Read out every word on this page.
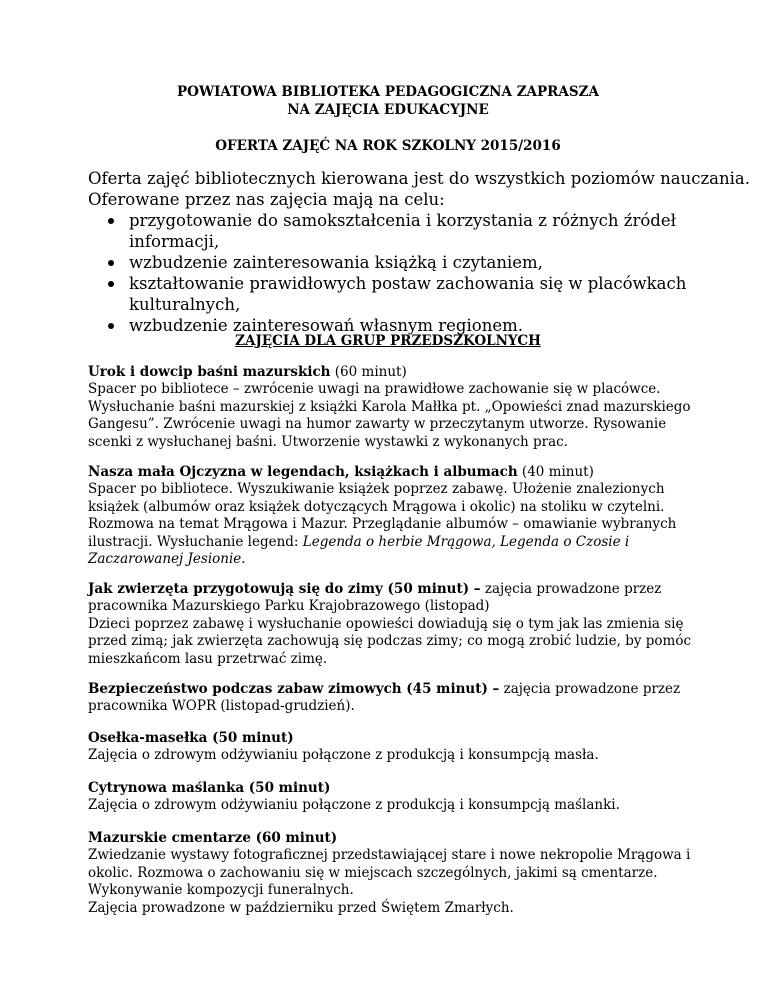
POWIATOWA BIBLIOTEKA PEDAGOGICZNA ZAPRASZA

NA ZAJĘCIA EDUKACYJNE

OFERTA ZAJĘĆ NA ROK SZKOLNY 2015/2016

Oferta zajęć bibliotecznych kierowana jest do wszystkich poziomów nauczania.

Oferowane przez nas zajęcia mają na celu:

przygotowanie do samokształcenia i korzystania z różnych źródeł
informacji,
wzbudzenie zainteresowania książką i czytaniem,
kształtowanie prawidłowych postaw zachowania się w placówkach
kulturalnych,
wzbudzenie zainteresowań własnym regionem.

ZAJĘCIA DLA GRUP PRZEDSZKOLNYCH

Urok i dowcip baśni mazurskich (60 minut)
Spacer po bibliotece – zwrócenie uwagi na prawidłowe zachowanie się w placówce.
Wysłuchanie baśni mazurskiej z książki Karola Małłka pt. „Opowieści znad mazurskiego
Gangesu”. Zwrócenie uwagi na humor zawarty w przeczytanym utworze. Rysowanie
scenki z wysłuchanej baśni. Utworzenie wystawki z wykonanych prac.
Nasza mała Ojczyzna w legendach, książkach i albumach (40 minut)
Spacer po bibliotece. Wyszukiwanie książek poprzez zabawę. Ułożenie znalezionych
książek (albumów oraz książek dotyczących Mrągowa i okolic) na stoliku w czytelni.
Rozmowa na temat Mrągowa i Mazur. Przeglądanie albumów – omawianie wybranych
ilustracji. Wysłuchanie legend: Legenda o herbie Mrągowa, Legenda o Czosie i
Zaczarowanej Jesionie.
Jak zwierzęta przygotowują się do zimy (50 minut) – zajęcia prowadzone przez
pracownika Mazurskiego Parku Krajobrazowego (listopad)
Dzieci poprzez zabawę i wysłuchanie opowieści dowiadują się o tym jak las zmienia się
przed zimą; jak zwierzęta zachowują się podczas zimy; co mogą zrobić ludzie, by pomóc
mieszkańcom lasu przetrwać zimę.
Bezpieczeństwo podczas zabaw zimowych (45 minut) – zajęcia prowadzone przez
pracownika WOPR (listopad-grudzień).
Osełka-masełka (50 minut)
Zajęcia o zdrowym odżywianiu połączone z produkcją i konsumpcją masła.
Cytrynowa maślanka (50 minut)
Zajęcia o zdrowym odżywianiu połączone z produkcją i konsumpcją maślanki.
Mazurskie cmentarze (60 minut)
Zwiedzanie wystawy fotograficznej przedstawiającej stare i nowe nekropolie Mrągowa i
okolic. Rozmowa o zachowaniu się w miejscach szczególnych, jakimi są cmentarze.
Wykonywanie kompozycji funeralnych.
Zajęcia prowadzone w październiku przed Świętem Zmarłych.
